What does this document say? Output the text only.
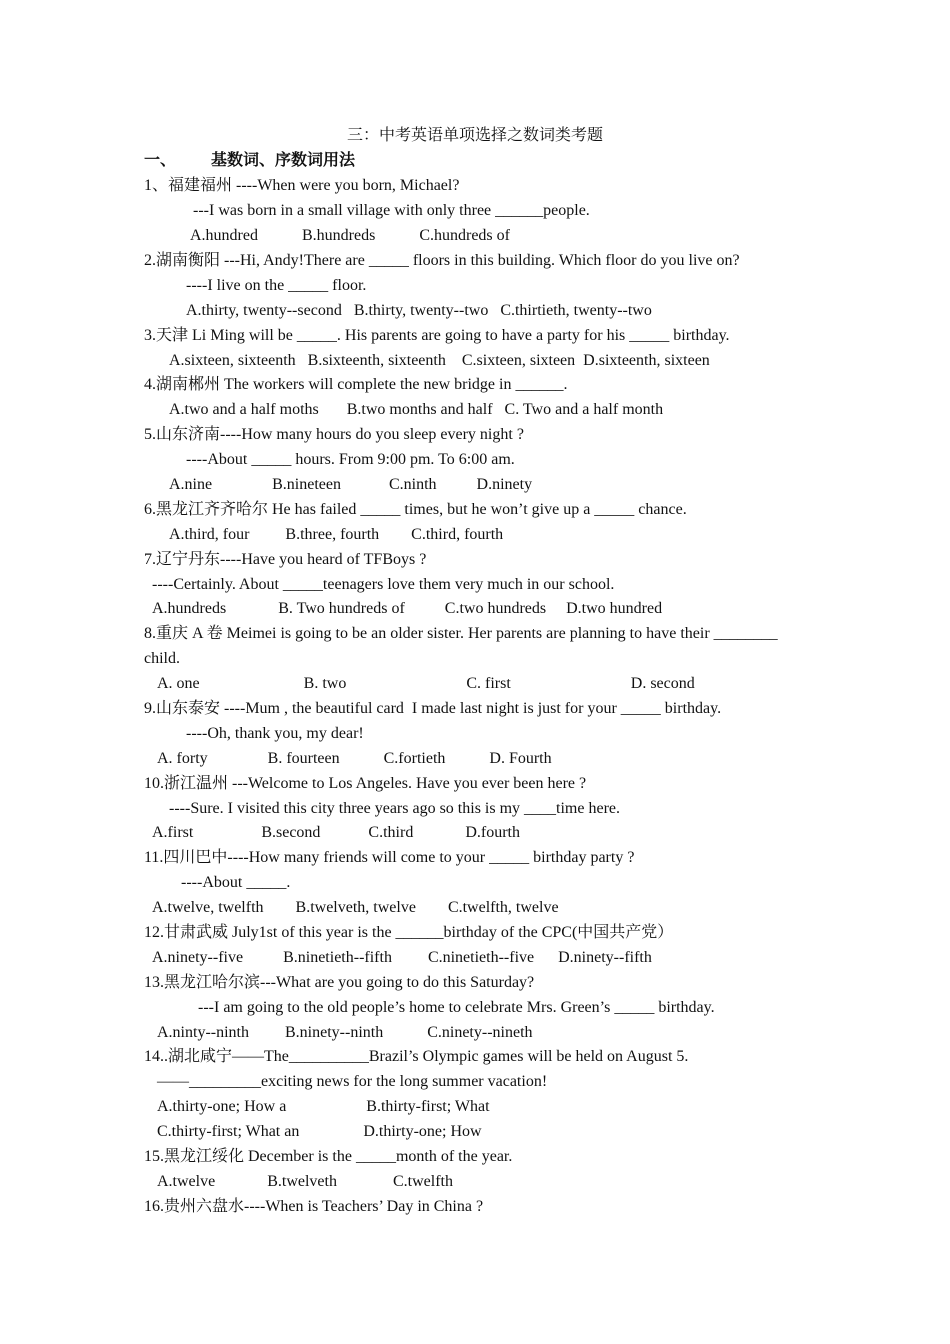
三：中考英语单项选择之数词类考题
一、 基数词、序数词用法
1、福建福州 ----When were you born, Michael?
---I was born in a small village with only three ______people.
A.hundred           B.hundreds           C.hundreds of
2.湖南衡阳 ---Hi, Andy!There are _____ floors in this building. Which floor do you live on?
----I live on the _____ floor.
A.thirty, twenty--second   B.thirty, twenty--two   C.thirtieth, twenty--two
3.天津 Li Ming will be _____. His parents are going to have a party for his _____ birthday.
A.sixteen, sixteenth   B.sixteenth, sixteenth    C.sixteen, sixteen  D.sixteenth, sixteen
4.湖南郴州 The workers will complete the new bridge in ______.
A.two and a half moths       B.two months and half   C. Two and a half month
5.山东济南----How many hours do you sleep every night ?
----About _____ hours. From 9:00 pm. To 6:00 am.
A.nine               B.nineteen            C.ninth          D.ninety
6.黑龙江齐齐哈尔 He has failed _____ times, but he won’t give up a _____ chance.
A.third, four         B.three, fourth        C.third, fourth
7.辽宁丹东----Have you heard of TFBoys ?
----Certainly. About _____teenagers love them very much in our school.
A.hundreds             B. Two hundreds of          C.two hundreds     D.two hundred
8.重庆 A 卷 Meimei is going to be an older sister. Her parents are planning to have their ________
child.
A. one                          B. two                              C. first                              D. second
9.山东泰安 ----Mum , the beautiful card  I made last night is just for your _____ birthday.
----Oh, thank you, my dear!
A. forty               B. fourteen           C.fortieth           D. Fourth
10.浙江温州 ---Welcome to Los Angeles. Have you ever been here ?
----Sure. I visited this city three years ago so this is my ____time here.
A.first                 B.second            C.third             D.fourth
11.四川巴中----How many friends will come to your _____ birthday party ?
----About _____.
A.twelve, twelfth        B.twelveth, twelve        C.twelfth, twelve
12.甘肃武威 July1st of this year is the ______birthday of the CPC(中国共产党）
A.ninety--five          B.ninetieth--fifth         C.ninetieth--five      D.ninety--fifth
13.黑龙江哈尔滨---What are you going to do this Saturday?
---I am going to the old people’s home to celebrate Mrs. Green’s _____ birthday.
A.ninty--ninth         B.ninety--ninth           C.ninety--nineth
14..湖北咸宁——The__________Brazil’s Olympic games will be held on August 5.
——_________exciting news for the long summer vacation!
A.thirty-one; How a                    B.thirty-first; What
C.thirty-first; What an                D.thirty-one; How
15.黑龙江绥化 December is the _____month of the year.
A.twelve             B.twelveth              C.twelfth
16.贵州六盘水----When is Teachers’ Day in China ?
